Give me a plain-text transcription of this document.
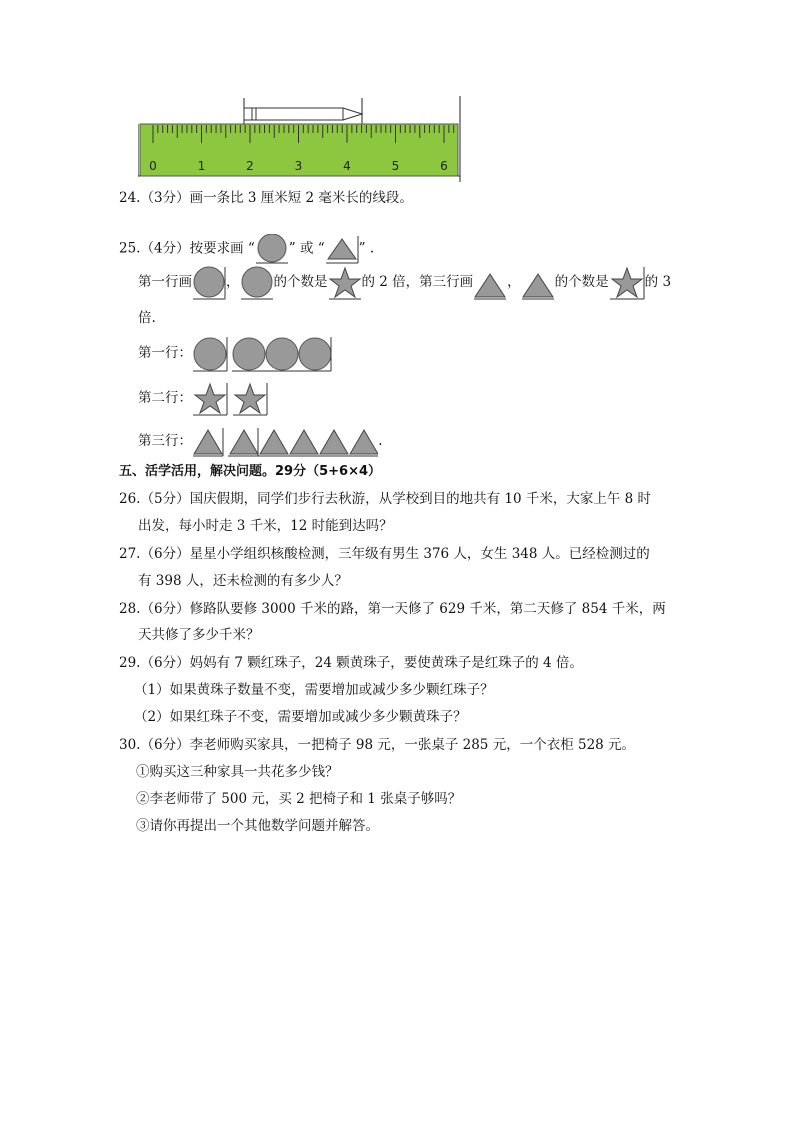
0	1	2	3	4	5	6
24.（3分）画一条比 3 厘米短 2 毫米长的线段。
25.（4分）按要求画 “	” 或 “	” .
第一行画	，	的个数是	的 2 倍，第三行画	，	的个数是	的 3
倍.
第一行：

第二行：

第三行：
	.
五、活学活用，解决问题。29分（5+6×4）
26.（5分）国庆假期，同学们步行去秋游，从学校到目的地共有 10 千米，大家上午 8 时
出发，每小时走 3 千米，12 时能到达吗？
27.（6分）星星小学组织核酸检测，三年级有男生 376 人，女生 348 人。已经检测过的
有 398 人，还未检测的有多少人？
28.（6分）修路队要修 3000 千米的路，第一天修了 629 千米，第二天修了 854 千米，两
天共修了多少千米？
29.（6分）妈妈有 7 颗红珠子，24 颗黄珠子，要使黄珠子是红珠子的 4 倍。
（1）如果黄珠子数量不变，需要增加或减少多少颗红珠子？
（2）如果红珠子不变，需要增加或减少多少颗黄珠子？
30.（6分）李老师购买家具，一把椅子 98 元，一张桌子 285 元，一个衣柜 528 元。
①购买这三种家具一共花多少钱？
②李老师带了 500 元，买 2 把椅子和 1 张桌子够吗？
③请你再提出一个其他数学问题并解答。
